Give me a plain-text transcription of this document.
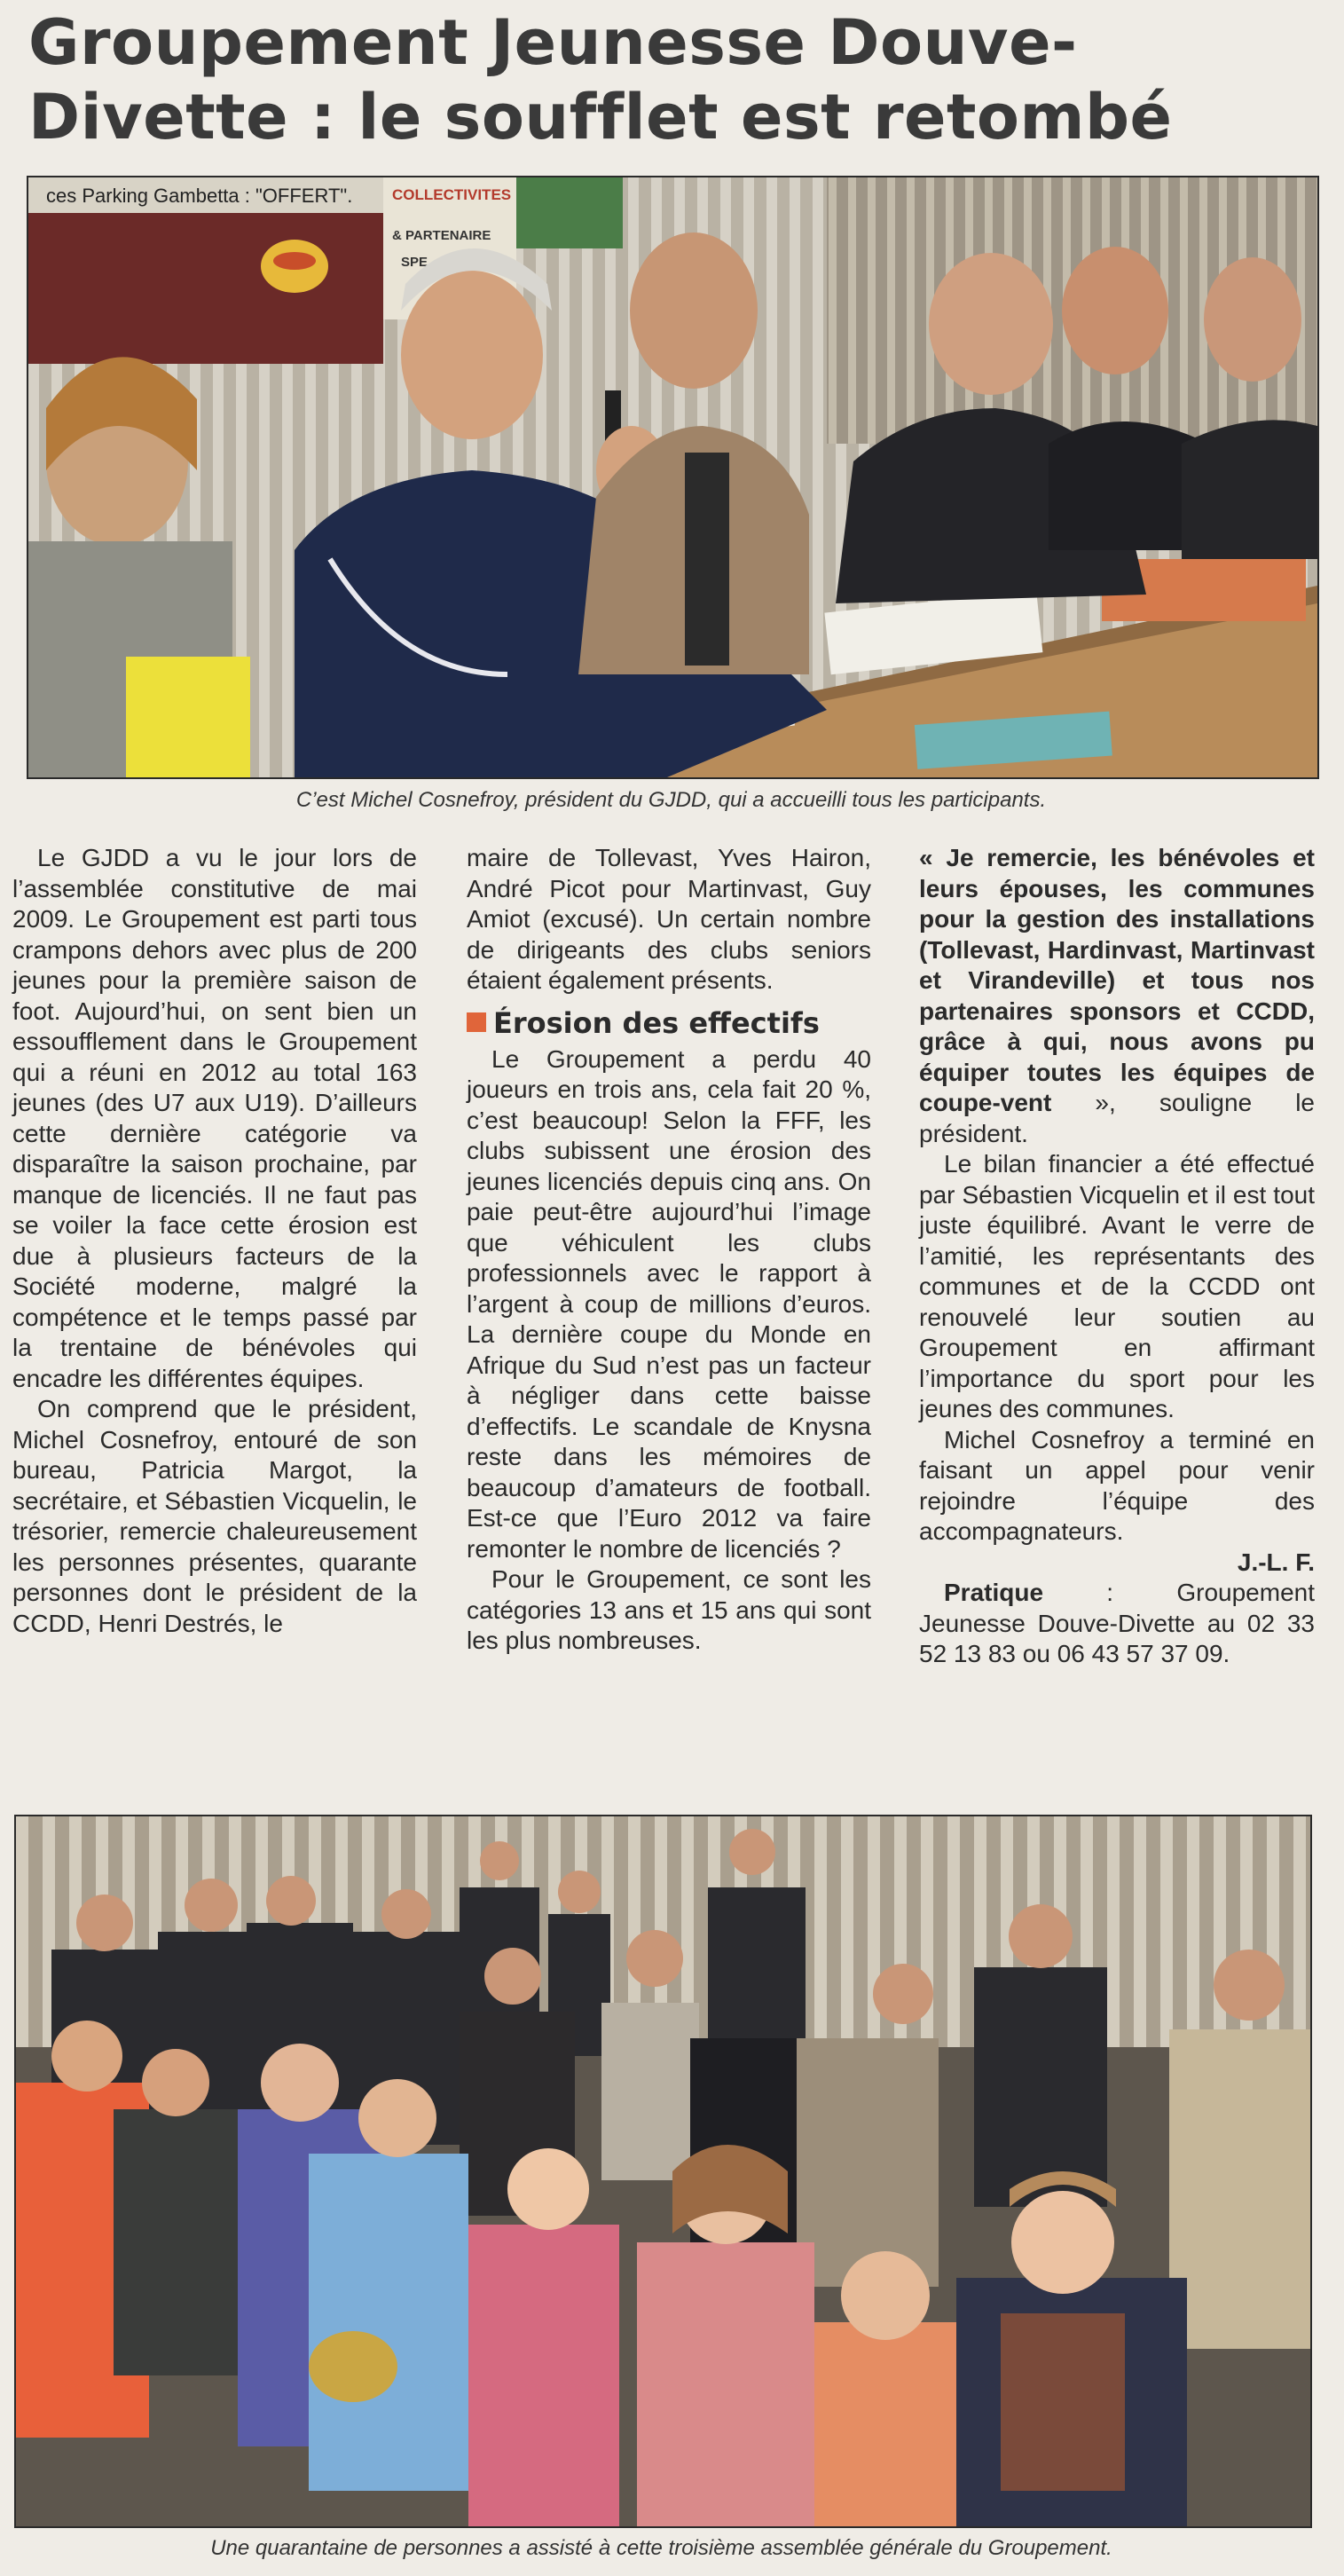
Groupement Jeunesse Douve-Divette : le soufflet est retombé
ces Parking Gambetta : "OFFERT".	COLLECTIVITES
& PARTENAIRE
SPE

C’est Michel Cosnefroy, président du GJDD, qui a accueilli tous les participants.

Le GJDD a vu le jour lors de l’assemblée constitutive de mai 2009. Le Groupement est parti tous crampons dehors avec plus de 200 jeunes pour la première saison de foot. Aujourd’hui, on sent bien un essoufflement dans le Groupement qui a réuni en 2012 au total 163 jeunes (des U7 aux U19). D’ailleurs cette dernière catégorie va disparaître la saison prochaine, par manque de licenciés. Il ne faut pas se voiler la face cette érosion est due à plusieurs facteurs de la Société moderne, malgré la compétence et le temps passé par la trentaine de bénévoles qui encadre les différentes équipes.

On comprend que le président, Michel Cosnefroy, entouré de son bureau, Patricia Margot, la secrétaire, et Sébastien Vicquelin, le trésorier, remercie chaleureusement les personnes présentes, quarante personnes dont le président de la CCDD, Henri Destrés, le

maire de Tollevast, Yves Hairon, André Picot pour Martinvast, Guy Amiot (excusé). Un certain nombre de dirigeants des clubs seniors étaient également présents.

Érosion des effectifs

Le Groupement a perdu 40 joueurs en trois ans, cela fait 20 %, c’est beaucoup! Selon la FFF, les clubs subissent une érosion des jeunes licenciés depuis cinq ans. On paie peut-être aujourd’hui l’image que véhiculent les clubs professionnels avec le rapport à l’argent à coup de millions d’euros. La dernière coupe du Monde en Afrique du Sud n’est pas un facteur à négliger dans cette baisse d’effectifs. Le scandale de Knysna reste dans les mémoires de beaucoup d’amateurs de football. Est-ce que l’Euro 2012 va faire remonter le nombre de licenciés ?

Pour le Groupement, ce sont les catégories 13 ans et 15 ans qui sont les plus nombreuses.

« Je remercie, les bénévoles et leurs épouses, les communes pour la gestion des installations (Tollevast, Hardinvast, Martinvast et Virandeville) et tous nos partenaires sponsors et CCDD, grâce à qui, nous avons pu équiper toutes les équipes de coupe-vent », souligne le président.

Le bilan financier a été effectué par Sébastien Vicquelin et il est tout juste équilibré. Avant le verre de l’amitié, les représentants des communes et de la CCDD ont renouvelé leur soutien au Groupement en affirmant l’importance du sport pour les jeunes des communes.

Michel Cosnefroy a terminé en faisant un appel pour venir rejoindre l’équipe des accompagnateurs.

J.-L. F.

Pratique : Groupement Jeunesse Douve-Divette au 02 33 52 13 83 ou 06 43 57 37 09.

Une quarantaine de personnes a assisté à cette troisième assemblée générale du Groupement.
